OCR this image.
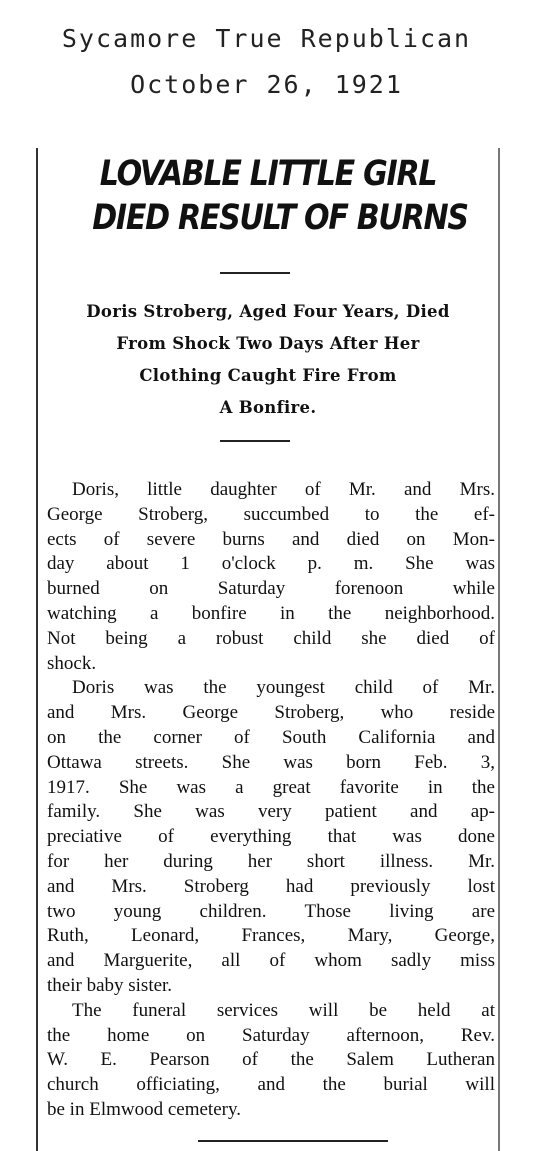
Sycamore True Republican
October 26, 1921
LOVABLE LITTLE GIRL
DIED RESULT OF BURNS
Doris Stroberg, Aged Four Years, Died
From Shock Two Days After Her
Clothing Caught Fire From
A Bonfire.
Doris, little daughter of Mr. and Mrs.
George Stroberg, succumbed to the ef-
ects of severe burns and died on Mon-
day about 1 o'clock p. m. She was
burned on Saturday forenoon while
watching a bonfire in the neighborhood.
Not being a robust child she died of
shock.
Doris was the youngest child of Mr.
and Mrs. George Stroberg, who reside
on the corner of South California and
Ottawa streets. She was born Feb. 3,
1917. She was a great favorite in the
family. She was very patient and ap-
preciative of everything that was done
for her during her short illness. Mr.
and Mrs. Stroberg had previously lost
two young children. Those living are
Ruth, Leonard, Frances, Mary, George,
and Marguerite, all of whom sadly miss
their baby sister.
The funeral services will be held at
the home on Saturday afternoon, Rev.
W. E. Pearson of the Salem Lutheran
church officiating, and the burial will
be in Elmwood cemetery.
